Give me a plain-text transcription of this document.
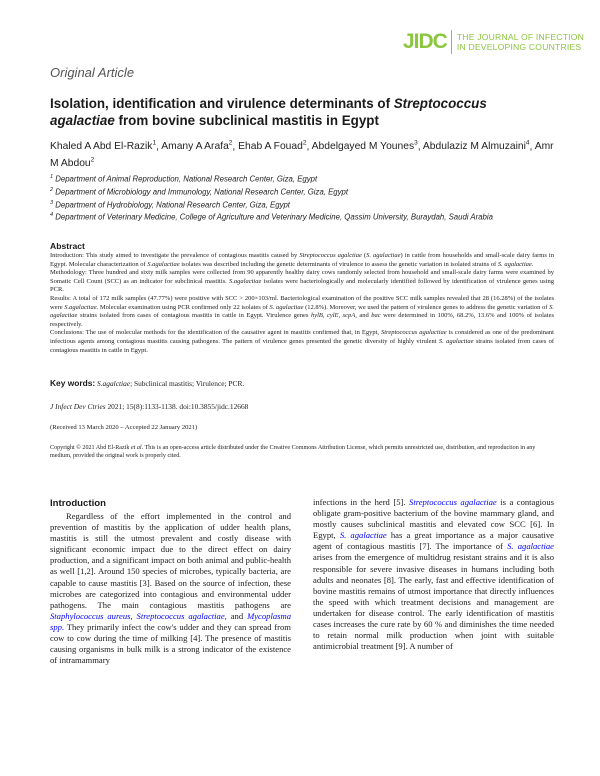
JIDC THE JOURNAL OF INFECTION
IN DEVELOPING COUNTRIES
Original Article
Isolation, identification and virulence determinants of Streptococcus agalactiae from bovine subclinical mastitis in Egypt
Khaled A Abd El-Razik$^1$, Amany A Arafa$^2$, Ehab A Fouad$^2$, Abdelgayed M Younes$^3$, Abdulaziz M Almuzaini$^4$, Amr M Abdou$^2$
$^1$ Department of Animal Reproduction, National Research Center, Giza, Egypt
$^2$ Department of Microbiology and Immunology, National Research Center, Giza, Egypt
$^3$ Department of Hydrobiology, National Research Center, Giza, Egypt
$^4$ Department of Veterinary Medicine, College of Agriculture and Veterinary Medicine, Qassim University, Buraydah, Saudi Arabia
Abstract

Introduction: This study aimed to investigate the prevalence of contagious mastitis caused by Streptococcus agalctiae (S. agalactiae) in cattle from households and small-scale dairy farms in Egypt. Molecular characterization of S.agalactiae isolates was described including the genetic determinants of virulence to assess the genetic variation in isolated strains of S. agalactiae.

Methodology: Three hundred and sixty milk samples were collected from 90 apparently healthy dairy cows randomly selected from household and small-scale dairy farms were examined by Somatic Cell Count (SCC) as an indicator for subclinical mastitis. S.agalactiae isolates were bacteriologically and molecularly identified followed by identification of virulence genes using PCR.

Results: A total of 172 milk samples (47.77%) were positive with SCC > 200×103/ml. Bacteriological examination of the positive SCC milk samples revealed that 28 (16.28%) of the isolates were S.agalactiae. Molecular examination using PCR confirmed only 22 isolates of S. agalactiae (12.8%). Moreover, we used the pattern of virulence genes to address the genetic variation of S. agalactiae strains isolated from cases of contagious mastitis in cattle in Egypt. Virulence genes hylB, cylE, scpA, and bac were determined in 100%, 68.2%, 13.6% and 100% of isolates respectively.

Conclusions: The use of molecular methods for the identification of the causative agent in mastitis confirmed that, in Egypt, Streptococcus agalactiae is considered as one of the predominant infectious agents among contagious mastitis causing pathogens. The pattern of virulence genes presented the genetic diversity of highly virulent S. agalactiae strains isolated from cases of contagious mastitis in cattle in Egypt.

Key words: S.agalctiae; Subclinical mastitis; Virulence; PCR.
J Infect Dev Ctries 2021; 15(8):1133-1138. doi:10.3855/jidc.12668
(Received 13 March 2020 – Accepted 22 January 2021)
Copyright © 2021 Abd El-Razik et al. This is an open-access article distributed under the Creative Commons Attribution License, which permits unrestricted use, distribution, and reproduction in any medium, provided the original work is properly cited.
Introduction

Regardless of the effort implemented in the control and prevention of mastitis by the application of udder health plans, mastitis is still the utmost prevalent and costly disease with significant economic impact due to the direct effect on dairy production, and a significant impact on both animal and public-health as well [1,2]. Around 150 species of microbes, typically bacteria, are capable to cause mastitis [3]. Based on the source of infection, these microbes are categorized into contagious and environmental udder pathogens. The main contagious mastitis pathogens are Staphylococcus aureus, Streptococcus agalactiae, and Mycoplasma spp. They primarily infect the cow's udder and they can spread from cow to cow during the time of milking [4]. The presence of mastitis causing organisms in bulk milk is a strong indicator of the existence of intramammary

infections in the herd [5]. Streptococcus agalactiae is a contagious obligate gram-positive bacterium of the bovine mammary gland, and mostly causes subclinical mastitis and elevated cow SCC [6]. In Egypt, S. agalactiae has a great importance as a major causative agent of contagious mastitis [7]. The importance of S. agalactiae arises from the emergence of multidrug resistant strains and it is also responsible for severe invasive diseases in humans including both adults and neonates [8]. The early, fast and effective identification of bovine mastitis remains of utmost importance that directly influences the speed with which treatment decisions and management are undertaken for disease control. The early identification of mastitis cases increases the cure rate by 60 % and diminishes the time needed to retain normal milk production when joint with suitable antimicrobial treatment [9]. A number of
